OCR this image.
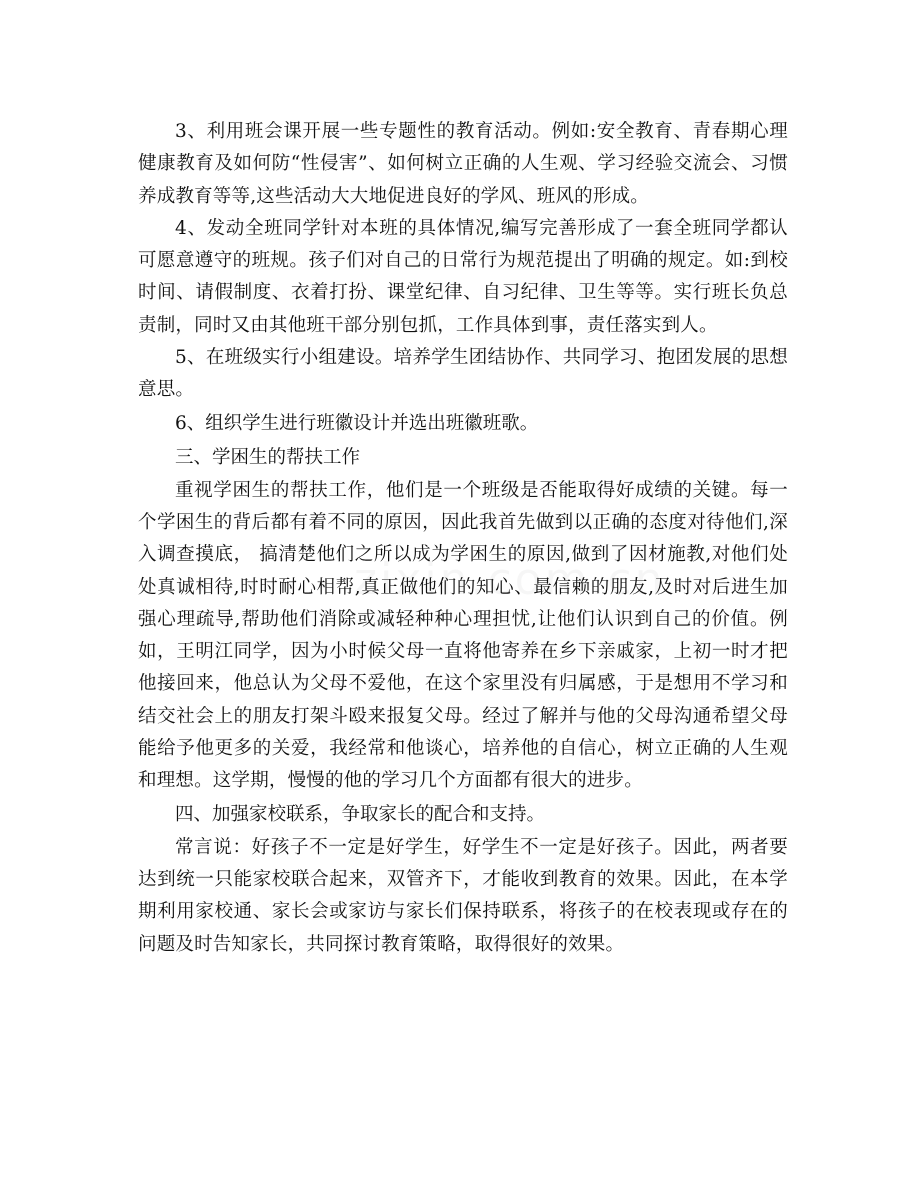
3、利用班会课开展一些专题性的教育活动。例如:安全教育、青春期心理健康教育及如何防“性侵害”、如何树立正确的人生观、学习经验交流会、习惯养成教育等等,这些活动大大地促进良好的学风、班风的形成。

4、发动全班同学针对本班的具体情况,编写完善形成了一套全班同学都认可愿意遵守的班规。孩子们对自己的日常行为规范提出了明确的规定。如:到校时间、请假制度、衣着打扮、课堂纪律、自习纪律、卫生等等。实行班长负总责制，同时又由其他班干部分别包抓，工作具体到事，责任落实到人。

5、在班级实行小组建设。培养学生团结协作、共同学习、抱团发展的思想意思。

6、组织学生进行班徽设计并选出班徽班歌。

三、学困生的帮扶工作

重视学困生的帮扶工作，他们是一个班级是否能取得好成绩的关键。每一个学困生的背后都有着不同的原因，因此我首先做到以正确的态度对待他们,深入调查摸底， 搞清楚他们之所以成为学困生的原因,做到了因材施教,对他们处处真诚相待,时时耐心相帮,真正做他们的知心、最信赖的朋友,及时对后进生加强心理疏导,帮助他们消除或减轻种种心理担忧,让他们认识到自己的价值。例如，王明江同学，因为小时候父母一直将他寄养在乡下亲戚家，上初一时才把他接回来，他总认为父母不爱他，在这个家里没有归属感，于是想用不学习和结交社会上的朋友打架斗殴来报复父母。经过了解并与他的父母沟通希望父母能给予他更多的关爱，我经常和他谈心，培养他的自信心，树立正确的人生观和理想。这学期，慢慢的他的学习几个方面都有很大的进步。

四、加强家校联系，争取家长的配合和支持。

常言说：好孩子不一定是好学生，好学生不一定是好孩子。因此，两者要达到统一只能家校联合起来，双管齐下，才能收到教育的效果。因此，在本学期利用家校通、家长会或家访与家长们保持联系，将孩子的在校表现或存在的问题及时告知家长，共同探讨教育策略，取得很好的效果。
